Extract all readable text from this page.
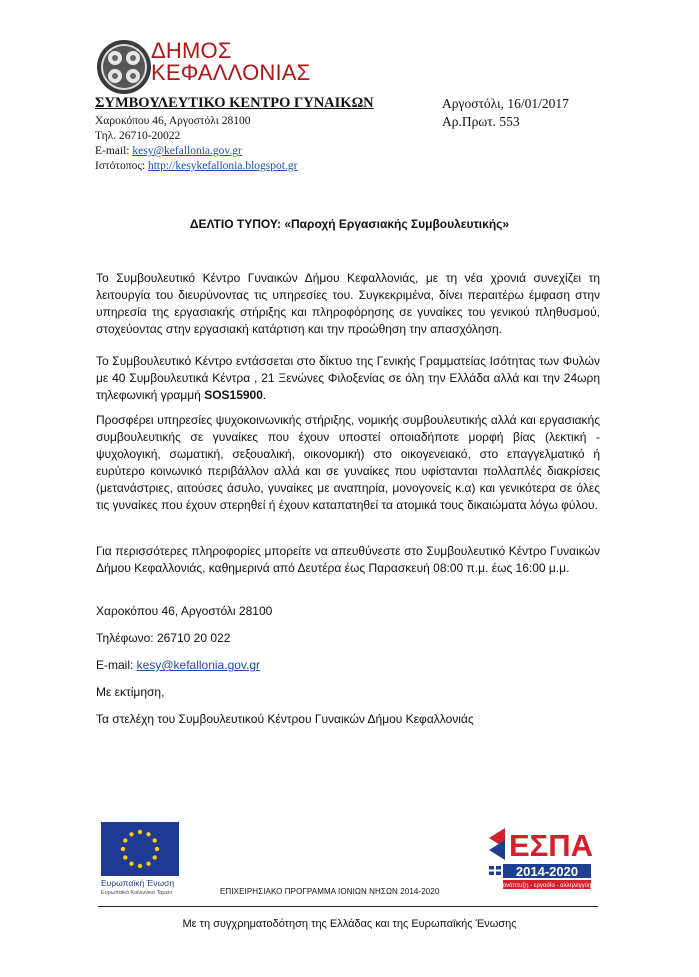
ΔΗΜΟΣ
ΚΕΦΑΛΛΟΝΙΑΣ
ΣΥΜΒΟΥΛΕΥΤΙΚΟ ΚΕΝΤΡΟ ΓΥΝΑΙΚΩΝ
Χαροκόπου 46, Αργοστόλι 28100
Τηλ. 26710-20022
E-mail: kesy@kefallonia.gov.gr
Ιστότοπος: http://kesykefallonia.blogspot.gr
Αργοστόλι, 16/01/2017
Αρ.Πρωτ. 553
ΔΕΛΤΙΟ ΤΥΠΟΥ: «Παροχή Εργασιακής Συμβουλευτικής»
Το Συμβουλευτικό Κέντρο Γυναικών Δήμου Κεφαλλονιάς, με τη νέα χρονιά συνεχίζει τη λειτουργία του διευρύνοντας τις υπηρεσίες του. Συγκεκριμένα, δίνει περαιτέρω έμφαση στην υπηρεσία της εργασιακής στήριξης και πληροφόρησης σε γυναίκες του γενικού πληθυσμού, στοχεύοντας στην εργασιακή κατάρτιση και την προώθηση την απασχόληση.
Το Συμβουλευτικό Κέντρο εντάσσεται στο δίκτυο της Γενικής Γραμματείας Ισότητας των Φυλών με 40 Συμβουλευτικά Κέντρα , 21 Ξενώνες Φιλοξενίας σε όλη την Ελλάδα αλλά και την 24ωρη τηλεφωνική γραμμή SOS15900.
Προσφέρει υπηρεσίες ψυχοκοινωνικής στήριξης, νομικής συμβουλευτικής αλλά και εργασιακής συμβουλευτικής σε γυναίκες που έχουν υποστεί οποιαδήποτε μορφή βίας (λεκτική - ψυχολογική, σωματική, σεξουαλική, οικονομική) στο οικογενειακό, στο επαγγελματικό ή ευρύτερο κοινωνικό περιβάλλον αλλά και σε γυναίκες που υφίστανται πολλαπλές διακρίσεις (μετανάστριες, αιτούσες άσυλο, γυναίκες με αναπηρία, μονογονείς κ.α) και γενικότερα σε όλες τις γυναίκες που έχουν στερηθεί ή έχουν καταπατηθεί τα ατομικά τους δικαιώματα λόγω φύλου.
Για περισσότερες πληροφορίες μπορείτε να απευθύνεστε στο Συμβουλευτικό Κέντρο Γυναικών Δήμου Κεφαλλονιάς, καθημερινά από Δευτέρα έως Παρασκευή 08:00 π.μ. έως 16:00 μ.μ.
Χαροκόπου 46, Αργοστόλι 28100
Τηλέφωνο: 26710 20 022
E-mail: kesy@kefallonia.gov.gr
Με εκτίμηση,
Τα στελέχη του Συμβουλευτικού Κέντρου Γυναικών Δήμου Κεφαλλονιάς
Ευρωπαϊκή Ένωση
Ευρωπαϊκό Κοινωνικό Ταμείο	ΕΠΙΧΕΙΡΗΣΙΑΚΟ ΠΡΟΓΡΑΜΜΑ ΙΟΝΙΩΝ ΝΗΣΩΝ 2014-2020
ΕΣΠΑ
2014-2020
ανάπτυξη - εργασία - αλληλεγγύη
Με τη συγχρηματοδότηση της Ελλάδας και της Ευρωπαϊκής Ένωσης
